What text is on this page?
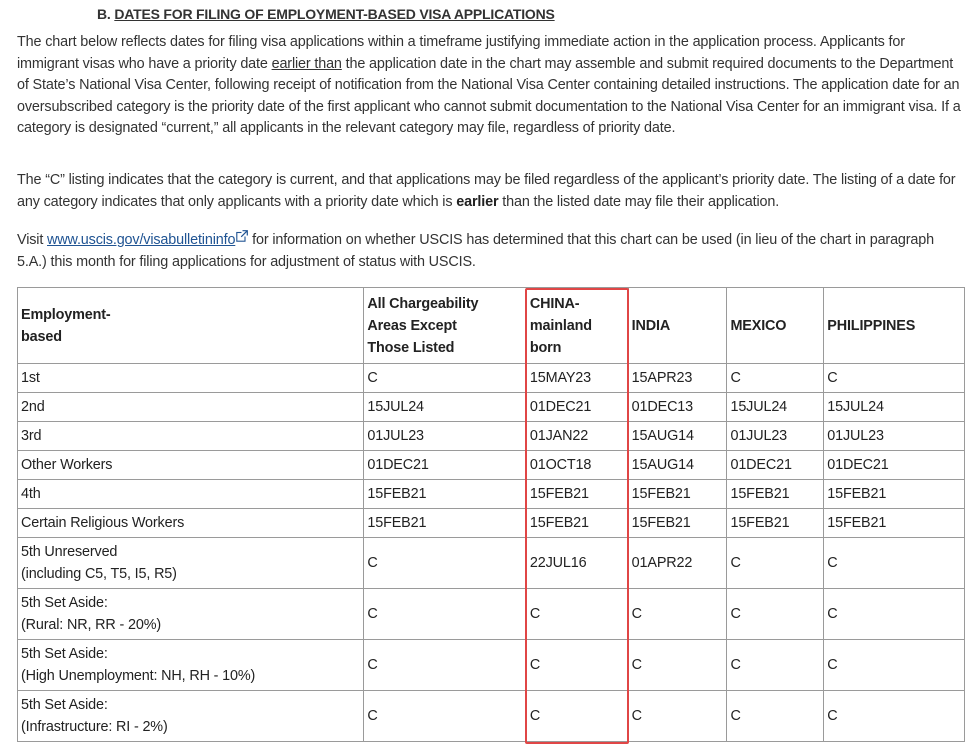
B. DATES FOR FILING OF EMPLOYMENT-BASED VISA APPLICATIONS

The chart below reflects dates for filing visa applications within a timeframe justifying immediate action in the application process. Applicants for immigrant visas who have a priority date earlier than the application date in the chart may assemble and submit required documents to the Department of State’s National Visa Center, following receipt of notification from the National Visa Center containing detailed instructions. The application date for an oversubscribed category is the priority date of the first applicant who cannot submit documentation to the National Visa Center for an immigrant visa. If a category is designated “current,” all applicants in the relevant category may file, regardless of priority date.

The “C” listing indicates that the category is current, and that applications may be filed regardless of the applicant’s priority date. The listing of a date for any category indicates that only applicants with a priority date which is earlier than the listed date may file their application.

Visit www.uscis.gov/visabulletininfo for information on whether USCIS has determined that this chart can be used (in lieu of the chart in paragraph 5.A.) this month for filing applications for adjustment of status with USCIS.

Employment-
based	All Chargeability
Areas Except
Those Listed	CHINA-
mainland
born	INDIA	MEXICO	PHILIPPINES
1st	C	15MAY23	15APR23	C	C
2nd	15JUL24	01DEC21	01DEC13	15JUL24	15JUL24
3rd	01JUL23	01JAN22	15AUG14	01JUL23	01JUL23
Other Workers	01DEC21	01OCT18	15AUG14	01DEC21	01DEC21
4th	15FEB21	15FEB21	15FEB21	15FEB21	15FEB21
Certain Religious Workers	15FEB21	15FEB21	15FEB21	15FEB21	15FEB21
5th Unreserved
(including C5, T5, I5, R5)	C	22JUL16	01APR22	C	C
5th Set Aside:
(Rural: NR, RR - 20%)	C	C	C	C	C
5th Set Aside:
(High Unemployment: NH, RH - 10%)	C	C	C	C	C
5th Set Aside:
(Infrastructure: RI - 2%)	C	C	C	C	C
